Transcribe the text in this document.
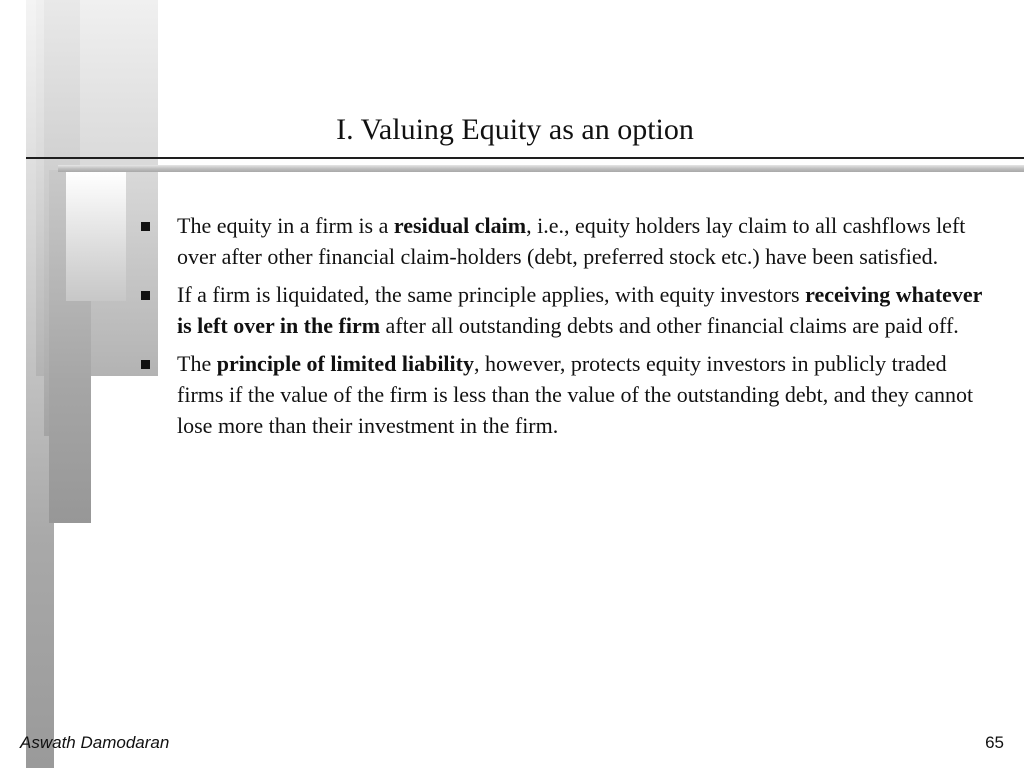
I. Valuing Equity as an option
The equity in a firm is a residual claim, i.e., equity holders lay claim to all cashflows left over after other financial claim-holders (debt, preferred stock etc.) have been satisfied.
If a firm is liquidated, the same principle applies, with equity investors receiving whatever is left over in the firm after all outstanding debts and other financial claims are paid off.
The principle of limited liability, however, protects equity investors in publicly traded firms if the value of the firm is less than the value of the outstanding debt, and they cannot lose more than their investment in the firm.
Aswath Damodaran	65
